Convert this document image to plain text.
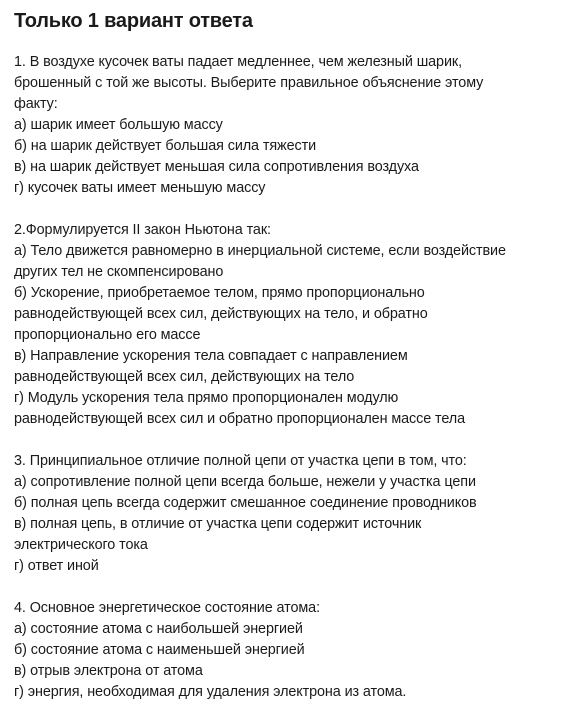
Только 1 вариант ответа
1. В воздухе кусочек ваты падает медленнее, чем железный шарик,
брошенный с той же высоты. Выберите правильное объяснение этому
факту:
а) шарик имеет большую массу
б) на шарик действует большая сила тяжести
в) на шарик действует меньшая сила сопротивления воздуха
г) кусочек ваты имеет меньшую массу
2.Формулируется II закон Ньютона так:
а) Тело движется равномерно в инерциальной системе, если воздействие
других тел не скомпенсировано
б) Ускорение, приобретаемое телом, прямо пропорционально
равнодействующей всех сил, действующих на тело, и обратно
пропорционально его массе
в) Направление ускорения тела совпадает с направлением
равнодействующей всех сил, действующих на тело
г) Модуль ускорения тела прямо пропорционален модулю
равнодействующей всех сил и обратно пропорционален массе тела
3. Принципиальное отличие полной цепи от участка цепи в том, что:
а) сопротивление полной цепи всегда больше, нежели у участка цепи
б) полная цепь всегда содержит смешанное соединение проводников
в) полная цепь, в отличие от участка цепи содержит источник
электрического тока
г) ответ иной
4. Основное энергетическое состояние атома:
а) состояние атома с наибольшей энергией
б) состояние атома с наименьшей энергией
в) отрыв электрона от атома
г) энергия, необходимая для удаления электрона из атома.
